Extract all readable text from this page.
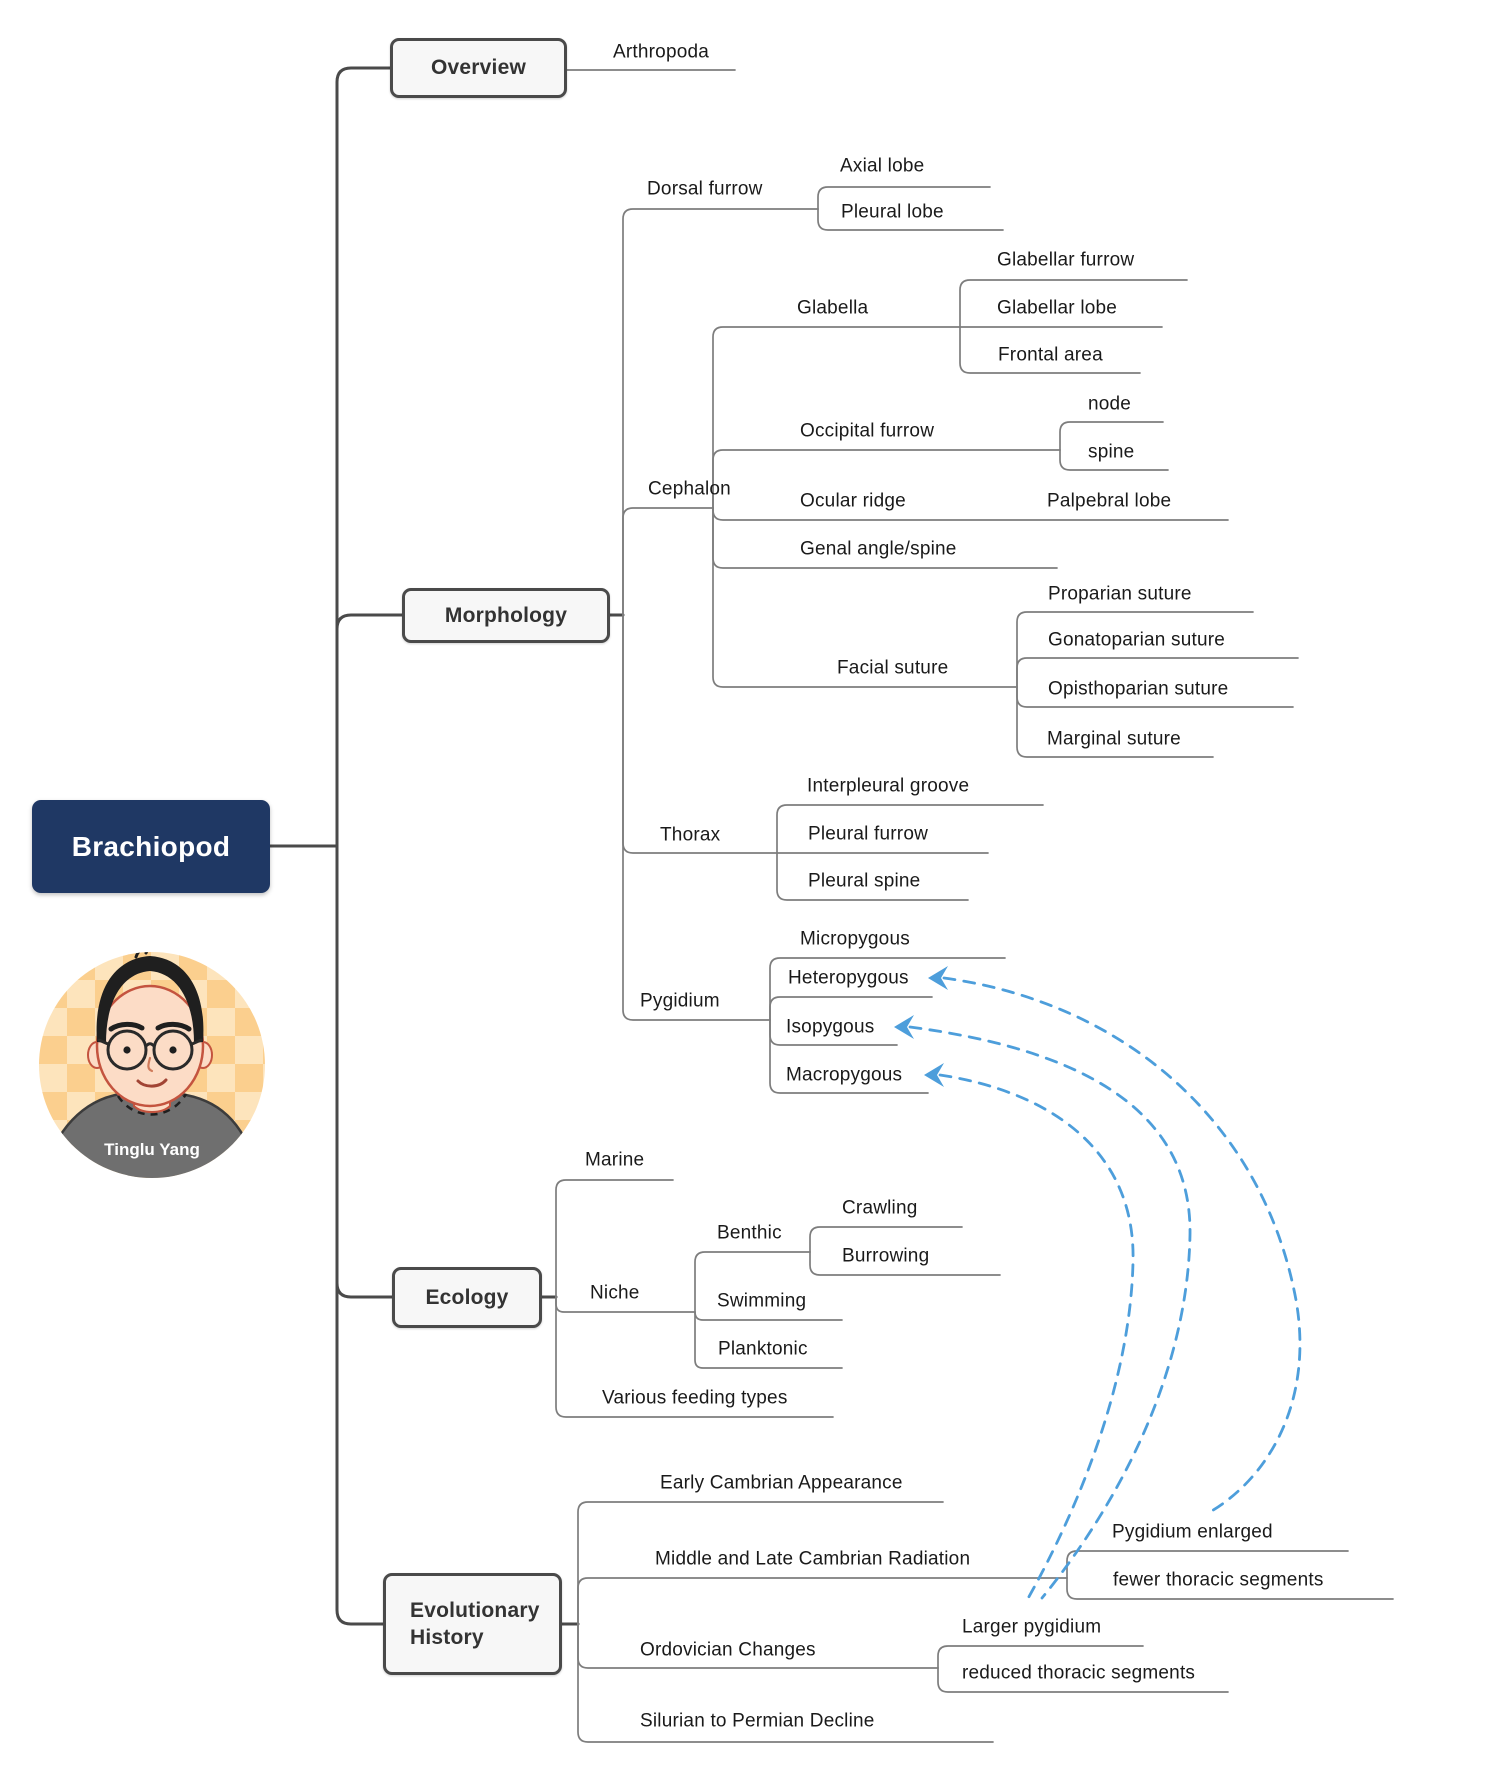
Tinglu Yang
Brachiopod
Overview
Morphology
Ecology
Evolutionary History
Arthropoda
Dorsal furrow
Axial lobe
Pleural lobe
Cephalon
Glabella
Glabellar furrow
Glabellar lobe
Frontal area
Occipital furrow
node
spine
Ocular ridge	Palpebral lobe
Genal angle/spine
Facial suture
Proparian suture
Gonatoparian suture
Opisthoparian suture
Marginal suture
Thorax
Interpleural groove
Pleural furrow
Pleural spine
Pygidium
Micropygous
Heteropygous
Isopygous
Macropygous
Marine
Niche
Benthic
Crawling
Burrowing
Swimming
Planktonic
Various feeding types
Early Cambrian Appearance
Middle and Late Cambrian Radiation
Pygidium enlarged
fewer thoracic segments
Ordovician Changes
Larger pygidium
reduced thoracic segments
Silurian to Permian Decline
